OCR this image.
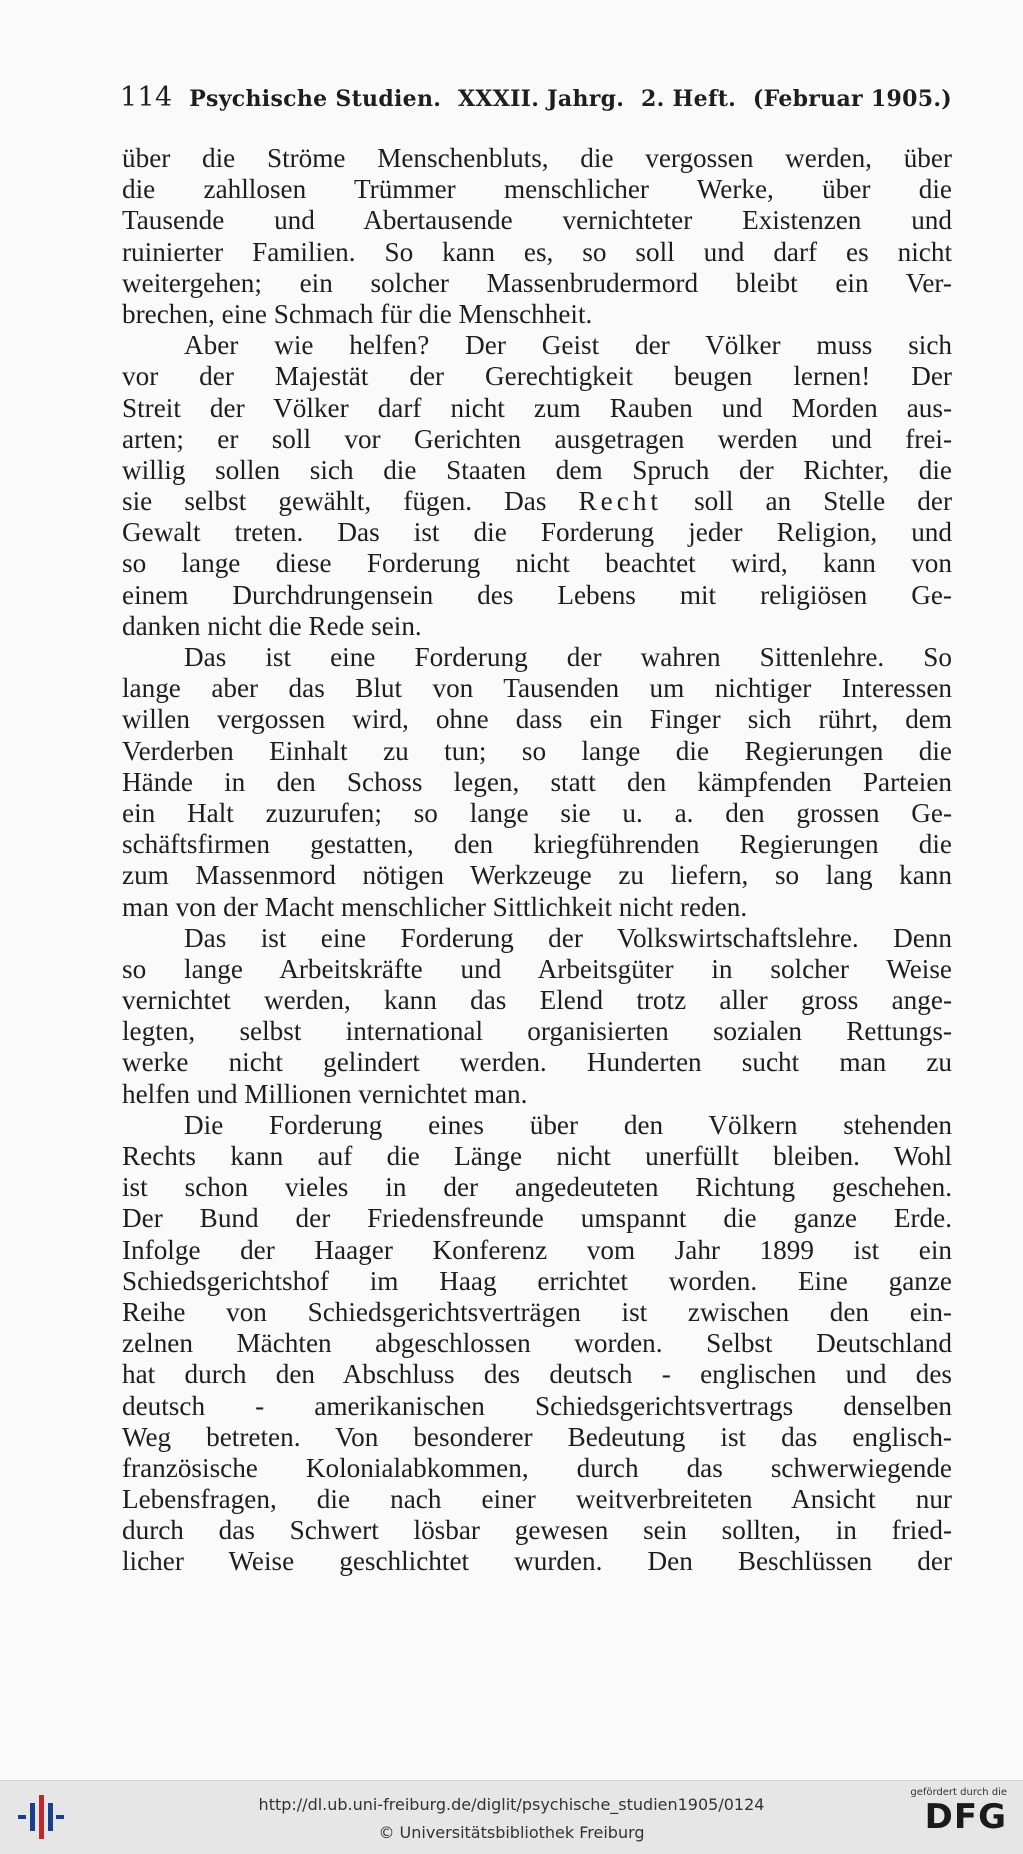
114 Psychische Studien. XXXII. Jahrg. 2. Heft. (Februar 1905.)
über die Ströme Menschenbluts, die vergossen werden, über
die zahllosen Trümmer menschlicher Werke, über die
Tausende und Abertausende vernichteter Existenzen und
ruinierter Familien. So kann es, so soll und darf es nicht
weitergehen; ein solcher Massenbrudermord bleibt ein Ver-
brechen, eine Schmach für die Menschheit.
Aber wie helfen? Der Geist der Völker muss sich
vor der Majestät der Gerechtigkeit beugen lernen! Der
Streit der Völker darf nicht zum Rauben und Morden aus-
arten; er soll vor Gerichten ausgetragen werden und frei-
willig sollen sich die Staaten dem Spruch der Richter, die
sie selbst gewählt, fügen. Das Recht soll an Stelle der
Gewalt treten. Das ist die Forderung jeder Religion, und
so lange diese Forderung nicht beachtet wird, kann von
einem Durchdrungensein des Lebens mit religiösen Ge-
danken nicht die Rede sein.
Das ist eine Forderung der wahren Sittenlehre. So
lange aber das Blut von Tausenden um nichtiger Interessen
willen vergossen wird, ohne dass ein Finger sich rührt, dem
Verderben Einhalt zu tun; so lange die Regierungen die
Hände in den Schoss legen, statt den kämpfenden Parteien
ein Halt zuzurufen; so lange sie u. a. den grossen Ge-
schäftsfirmen gestatten, den kriegführenden Regierungen die
zum Massenmord nötigen Werkzeuge zu liefern, so lang kann
man von der Macht menschlicher Sittlichkeit nicht reden.
Das ist eine Forderung der Volkswirtschaftslehre. Denn
so lange Arbeitskräfte und Arbeitsgüter in solcher Weise
vernichtet werden, kann das Elend trotz aller gross ange-
legten, selbst international organisierten sozialen Rettungs-
werke nicht gelindert werden. Hunderten sucht man zu
helfen und Millionen vernichtet man.
Die Forderung eines über den Völkern stehenden
Rechts kann auf die Länge nicht unerfüllt bleiben. Wohl
ist schon vieles in der angedeuteten Richtung geschehen.
Der Bund der Friedensfreunde umspannt die ganze Erde.
Infolge der Haager Konferenz vom Jahr 1899 ist ein
Schiedsgerichtshof im Haag errichtet worden. Eine ganze
Reihe von Schiedsgerichtsverträgen ist zwischen den ein-
zelnen Mächten abgeschlossen worden. Selbst Deutschland
hat durch den Abschluss des deutsch - englischen und des
deutsch - amerikanischen Schiedsgerichtsvertrags denselben
Weg betreten. Von besonderer Bedeutung ist das englisch-
französische Kolonialabkommen, durch das schwerwiegende
Lebensfragen, die nach einer weitverbreiteten Ansicht nur
durch das Schwert lösbar gewesen sein sollten, in fried-
licher Weise geschlichtet wurden. Den Beschlüssen der
http://dl.ub.uni-freiburg.de/diglit/psychische_studien1905/0124
© Universitätsbibliothek Freiburg
gefördert durch die
DFG
